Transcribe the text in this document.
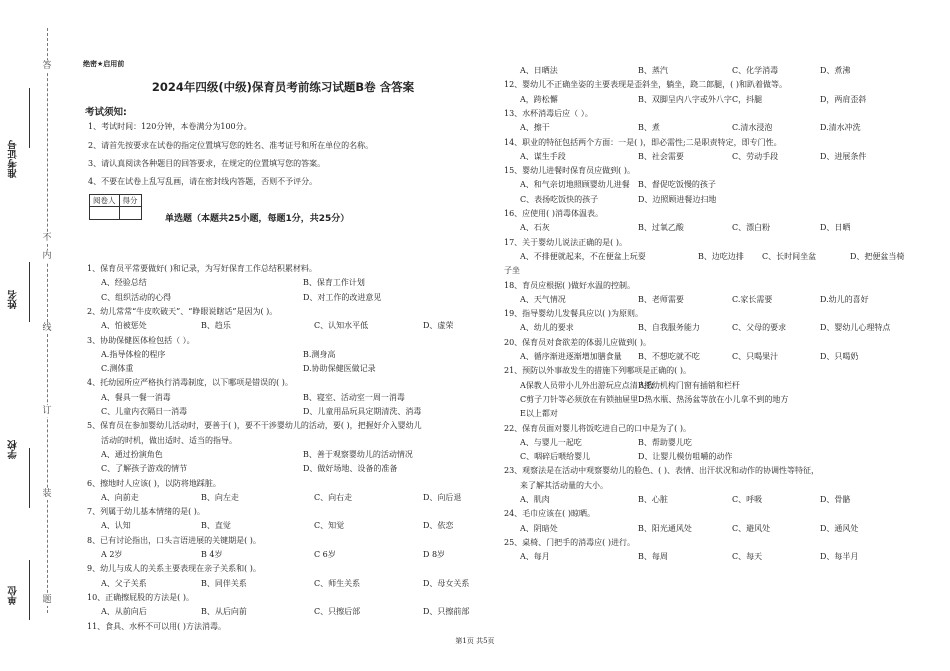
装
订
线
内
不
答
题
准考证号
姓名
学校
单位
绝密★启用前
2024年四级(中级)保育员考前练习试题B卷 含答案
考试须知:
1、考试时间：120分钟，本卷满分为100分。
2、请首先按要求在试卷的指定位置填写您的姓名、准考证号和所在单位的名称。
3、请认真阅读各种题目的回答要求，在规定的位置填写您的答案。
4、不要在试卷上乱写乱画，请在密封线内答题，否则不予评分。
阅卷人	得分

单选题（本题共25小题，每题1分，共25分）
1、保育员平常要做好( )和记录，为写好保育工作总结积累材料。
A、经验总结	B、保育工作计划
C、组织活动的心得	D、对工作的改进意见
2、幼儿常常“牛皮吹破天”、“睁眼说瞎话”是因为( )。
A、怕被惩处	B、趋乐	C、认知水平低	D、虚荣
3、协助保健医体检包括（ ）。
A.指导体检的程序	B.测身高
C.测体重	D.协助保健医做记录
4、托幼园所应严格执行消毒制度，以下哪项是错误的( )。
A、餐具一餐一消毒	B、寝室、活动室一周一消毒
C、儿童内衣隔日一消毒	D、儿童用品玩具定期清洗、消毒
5、保育员在参加婴幼儿活动时，要善于( )，要不干涉婴幼儿的活动，要( )，把握好介入婴幼儿
活动的时机，做出适时、适当的指导。
A、通过扮演角色	B、善于观察婴幼儿的活动情况
C、了解孩子游戏的情节	D、做好场地、设备的准备
6、擦地时人应该( )，以防将地踩脏。
A、向前走	B、向左走	C、向右走	D、向后退
7、列属于幼儿基本情绪的是( )。
A、认知	B、直觉	C、知觉	D、依恋
8、已有讨论指出，口头言语进展的关键期是( )。
A 2岁	B 4岁	C 6岁	D 8岁
9、幼儿与成人的关系主要表现在亲子关系和( )。
A、父子关系	B、同伴关系	C、师生关系	D、母女关系
10、正确擦屁股的方法是( )。
A、从前向后	B、从后向前	C、只擦后部	D、只擦前部
11、食具、水杯不可以用( )方法消毒。
A、日晒法	B、蒸汽	C、化学消毒	D、煮沸
12、婴幼儿不正确坐姿的主要表现是歪斜坐，躺坐，跷二郎腿，( )和趴着做等。
A，跨松懈	B、双脚呈内八字或外八字 C，抖腿	D，两肩歪斜
13、水杯消毒后应（ ）。
A、擦干	B、煮	C.清水浸泡	D.清水冲洗
14、职业的特征包括两个方面：一是( )，即必需性;二是职责特定，即专门性。
A、谋生手段	B、社会需要	C、劳动手段	D、进展条件
15、婴幼儿进餐时保育员应做到( )。
A、和气亲切地照顾婴幼儿进餐 B、督促吃饭慢的孩子
C、表扬吃饭快的孩子	D、边照顾进餐边扫地
16、应使用( )消毒体温表。
A、石灰	B、过氧乙酸	C、漂白粉	D、日晒
17、关于婴幼儿说法正确的是( )。
A、不排便就起来，不在便盆上玩耍	B、边吃边排 C、长时间坐盆	D、把便盆当椅
子坐
18、育员应根据( )做好水温的控制。
A、天气情况	B、老师需要	C.家长需要	D.幼儿的喜好
19、指导婴幼儿发餐具应以( )为原则。
A、幼儿的要求	B、自我服务能力	C、父母的要求	D、婴幼儿心理特点
20、保育员对食欲差的体弱儿应做到( )。
A、循序渐进逐渐增加膳食量 B、不想吃就不吃	C、只喝果汁	D、只喝奶
21、预防以外事故发生的措施下列哪项是正确的( )。
A保教人员带小儿外出游玩应点清人数
B托幼机构门窗有插销和栏杆
C剪子刀针等必须放在有锁抽屉里 D热水瓶、热汤盆等放在小儿拿不到的地方
E以上都对
22、保育员面对婴儿将饭吃进自己的口中是为了( )。
A、与婴儿一起吃	B、帮助婴儿吃
C、咽碎后喂给婴儿	D、让婴儿模仿咀嚼的动作
23、观察法是在活动中观察婴幼儿的脸色、( )、表情、出汗状况和动作的协调性等特征，
来了解其活动量的大小。
A、肌肉	B、心脏	C、呼吸	D、骨骼
24、毛巾应该在( )晾晒。
A、阴暗处	B、阳光通风处	C、避风处	D、通风处
25、桌椅、门把手的消毒应( )进行。
A、每月	B、每周	C、每天	D、每半月
第1页 共5页
